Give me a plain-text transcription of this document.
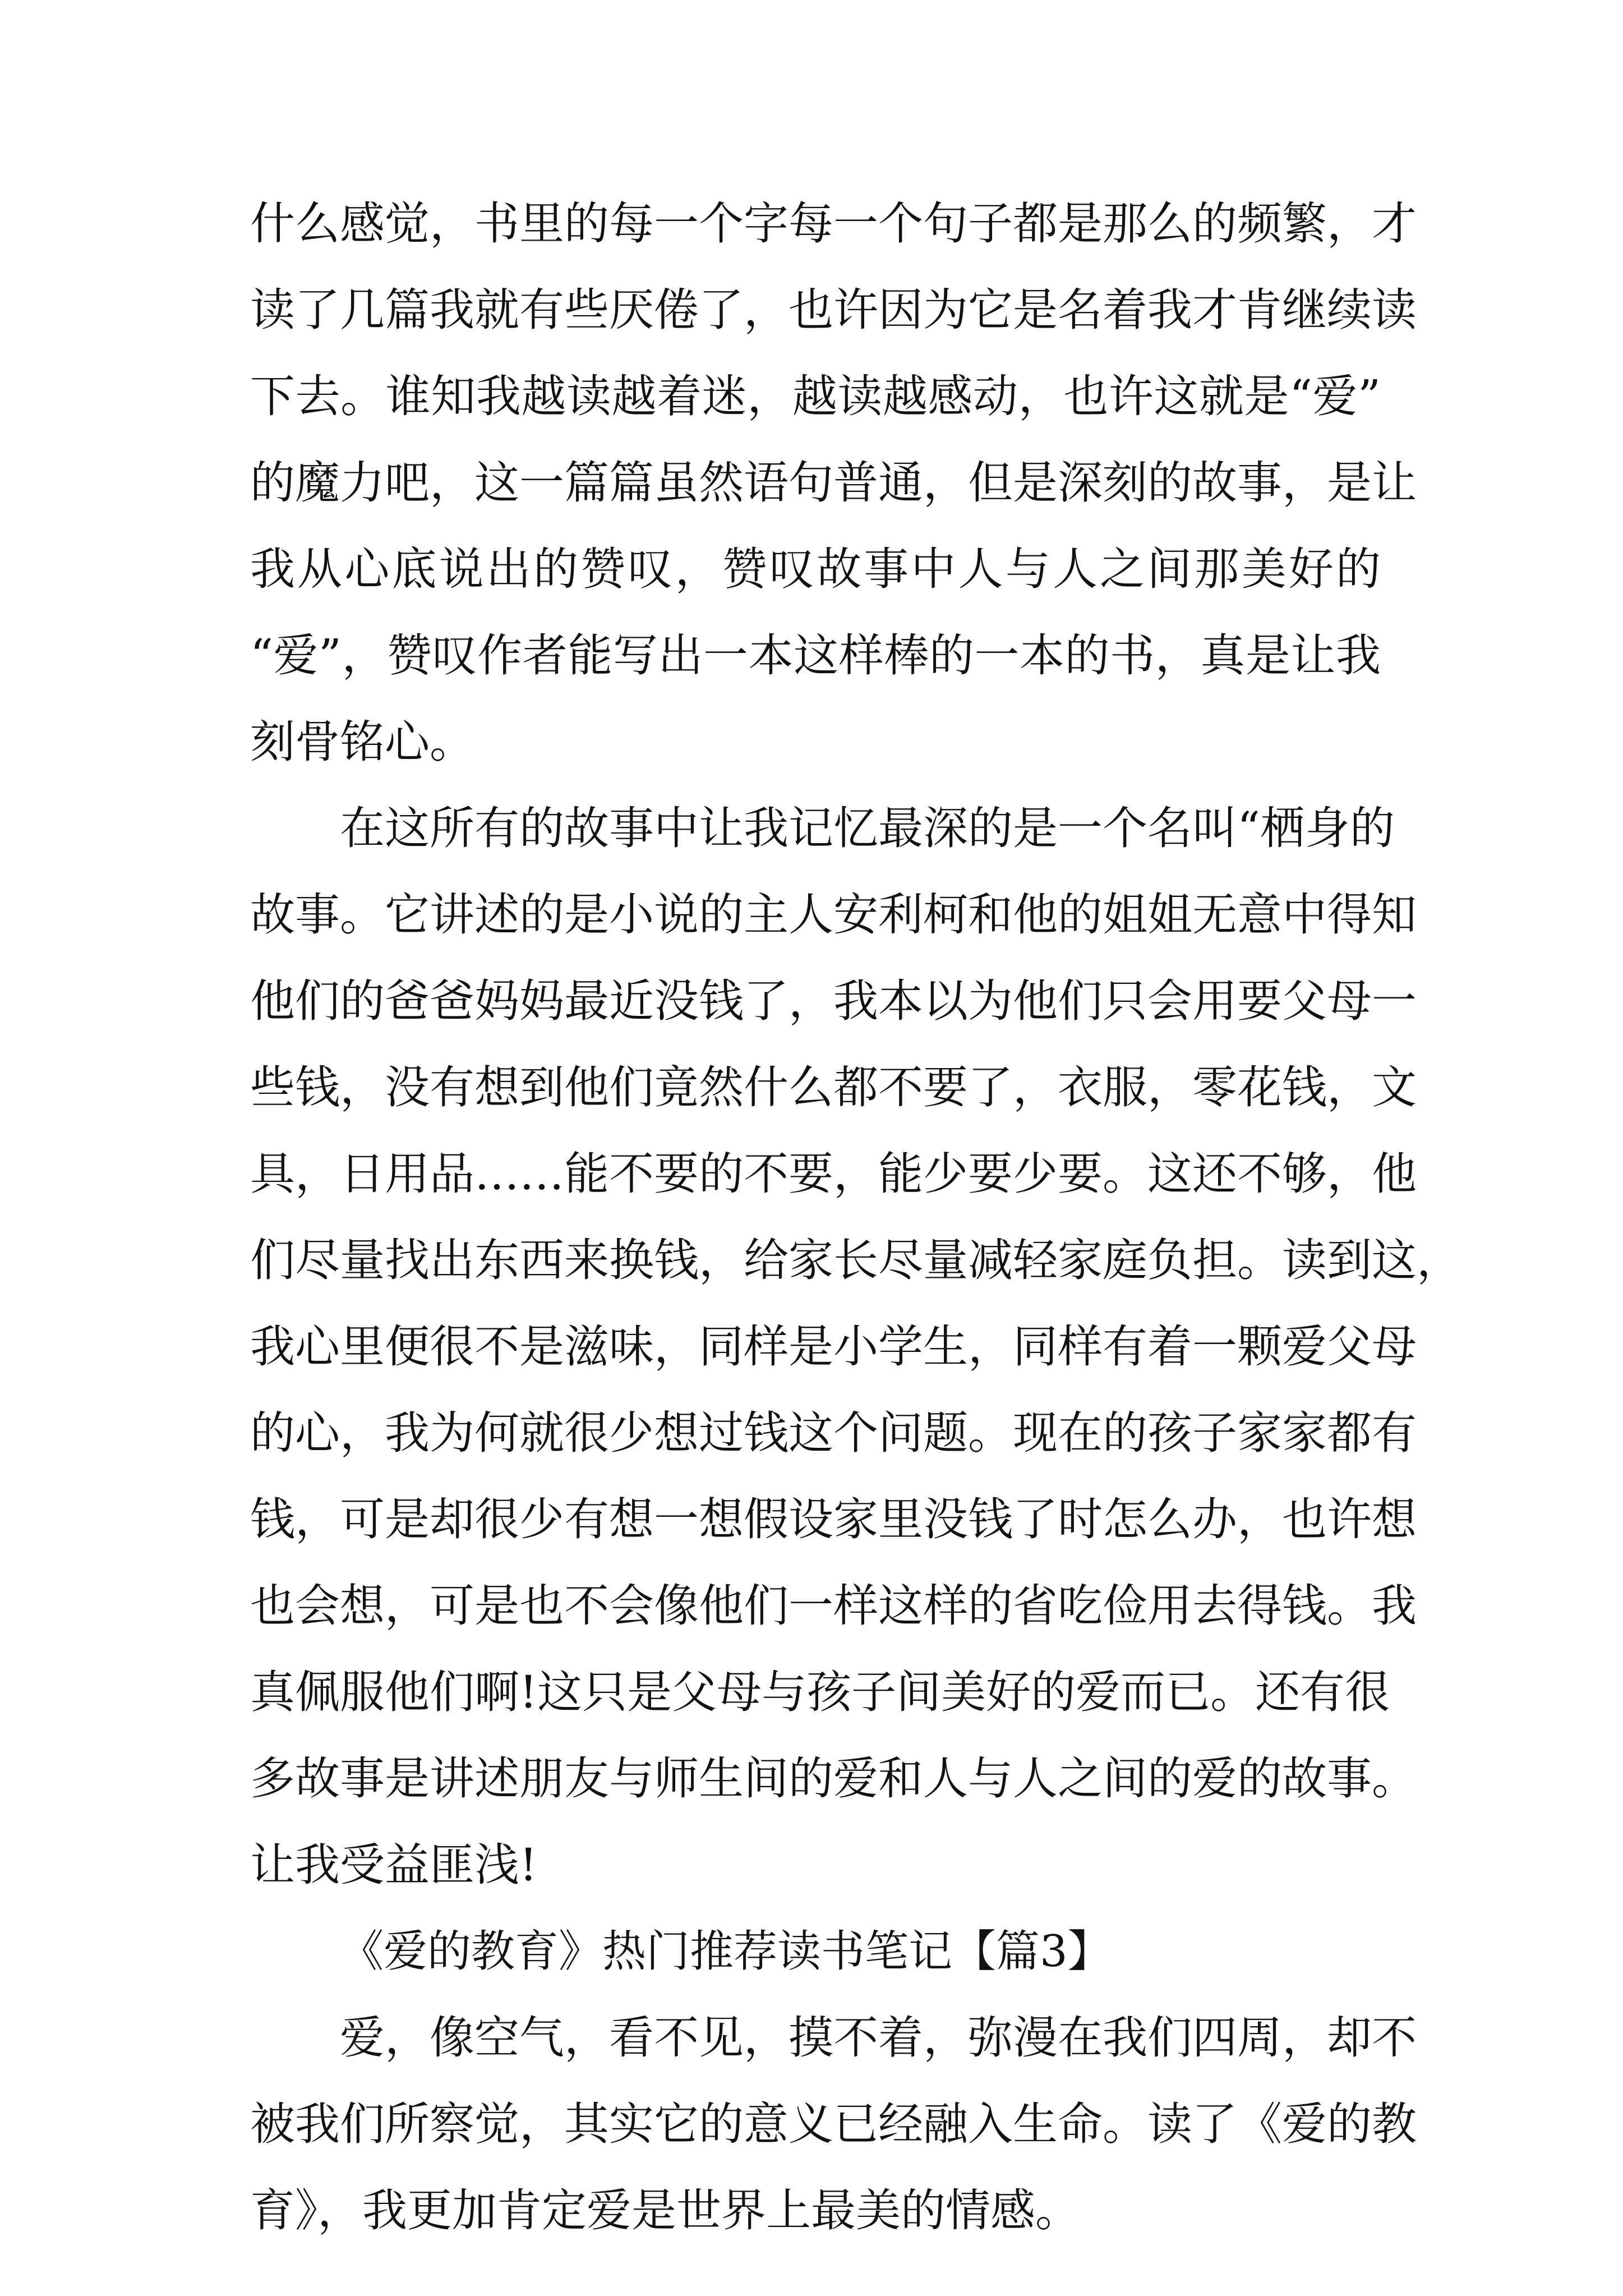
什么感觉，书里的每一个字每一个句子都是那么的频繁，才
读了几篇我就有些厌倦了，也许因为它是名着我才肯继续读
下去。谁知我越读越着迷，越读越感动，也许这就是“爱”
的魔力吧，这一篇篇虽然语句普通，但是深刻的故事，是让
我从心底说出的赞叹，赞叹故事中人与人之间那美好的
“爱”，赞叹作者能写出一本这样棒的一本的书，真是让我
刻骨铭心。
在这所有的故事中让我记忆最深的是一个名叫“栖身的
故事。它讲述的是小说的主人安利柯和他的姐姐无意中得知
他们的爸爸妈妈最近没钱了，我本以为他们只会用要父母一
些钱，没有想到他们竟然什么都不要了，衣服，零花钱，文
具，日用品……能不要的不要，能少要少要。这还不够，他
们尽量找出东西来换钱，给家长尽量减轻家庭负担。读到这，
我心里便很不是滋味，同样是小学生，同样有着一颗爱父母
的心，我为何就很少想过钱这个问题。现在的孩子家家都有
钱，可是却很少有想一想假设家里没钱了时怎么办，也许想
也会想，可是也不会像他们一样这样的省吃俭用去得钱。我
真佩服他们啊!这只是父母与孩子间美好的爱而已。还有很
多故事是讲述朋友与师生间的爱和人与人之间的爱的故事。
让我受益匪浅!
《爱的教育》热门推荐读书笔记【篇3】
爱，像空气，看不见，摸不着，弥漫在我们四周，却不
被我们所察觉，其实它的意义已经融入生命。读了《爱的教
育》，我更加肯定爱是世界上最美的情感。
